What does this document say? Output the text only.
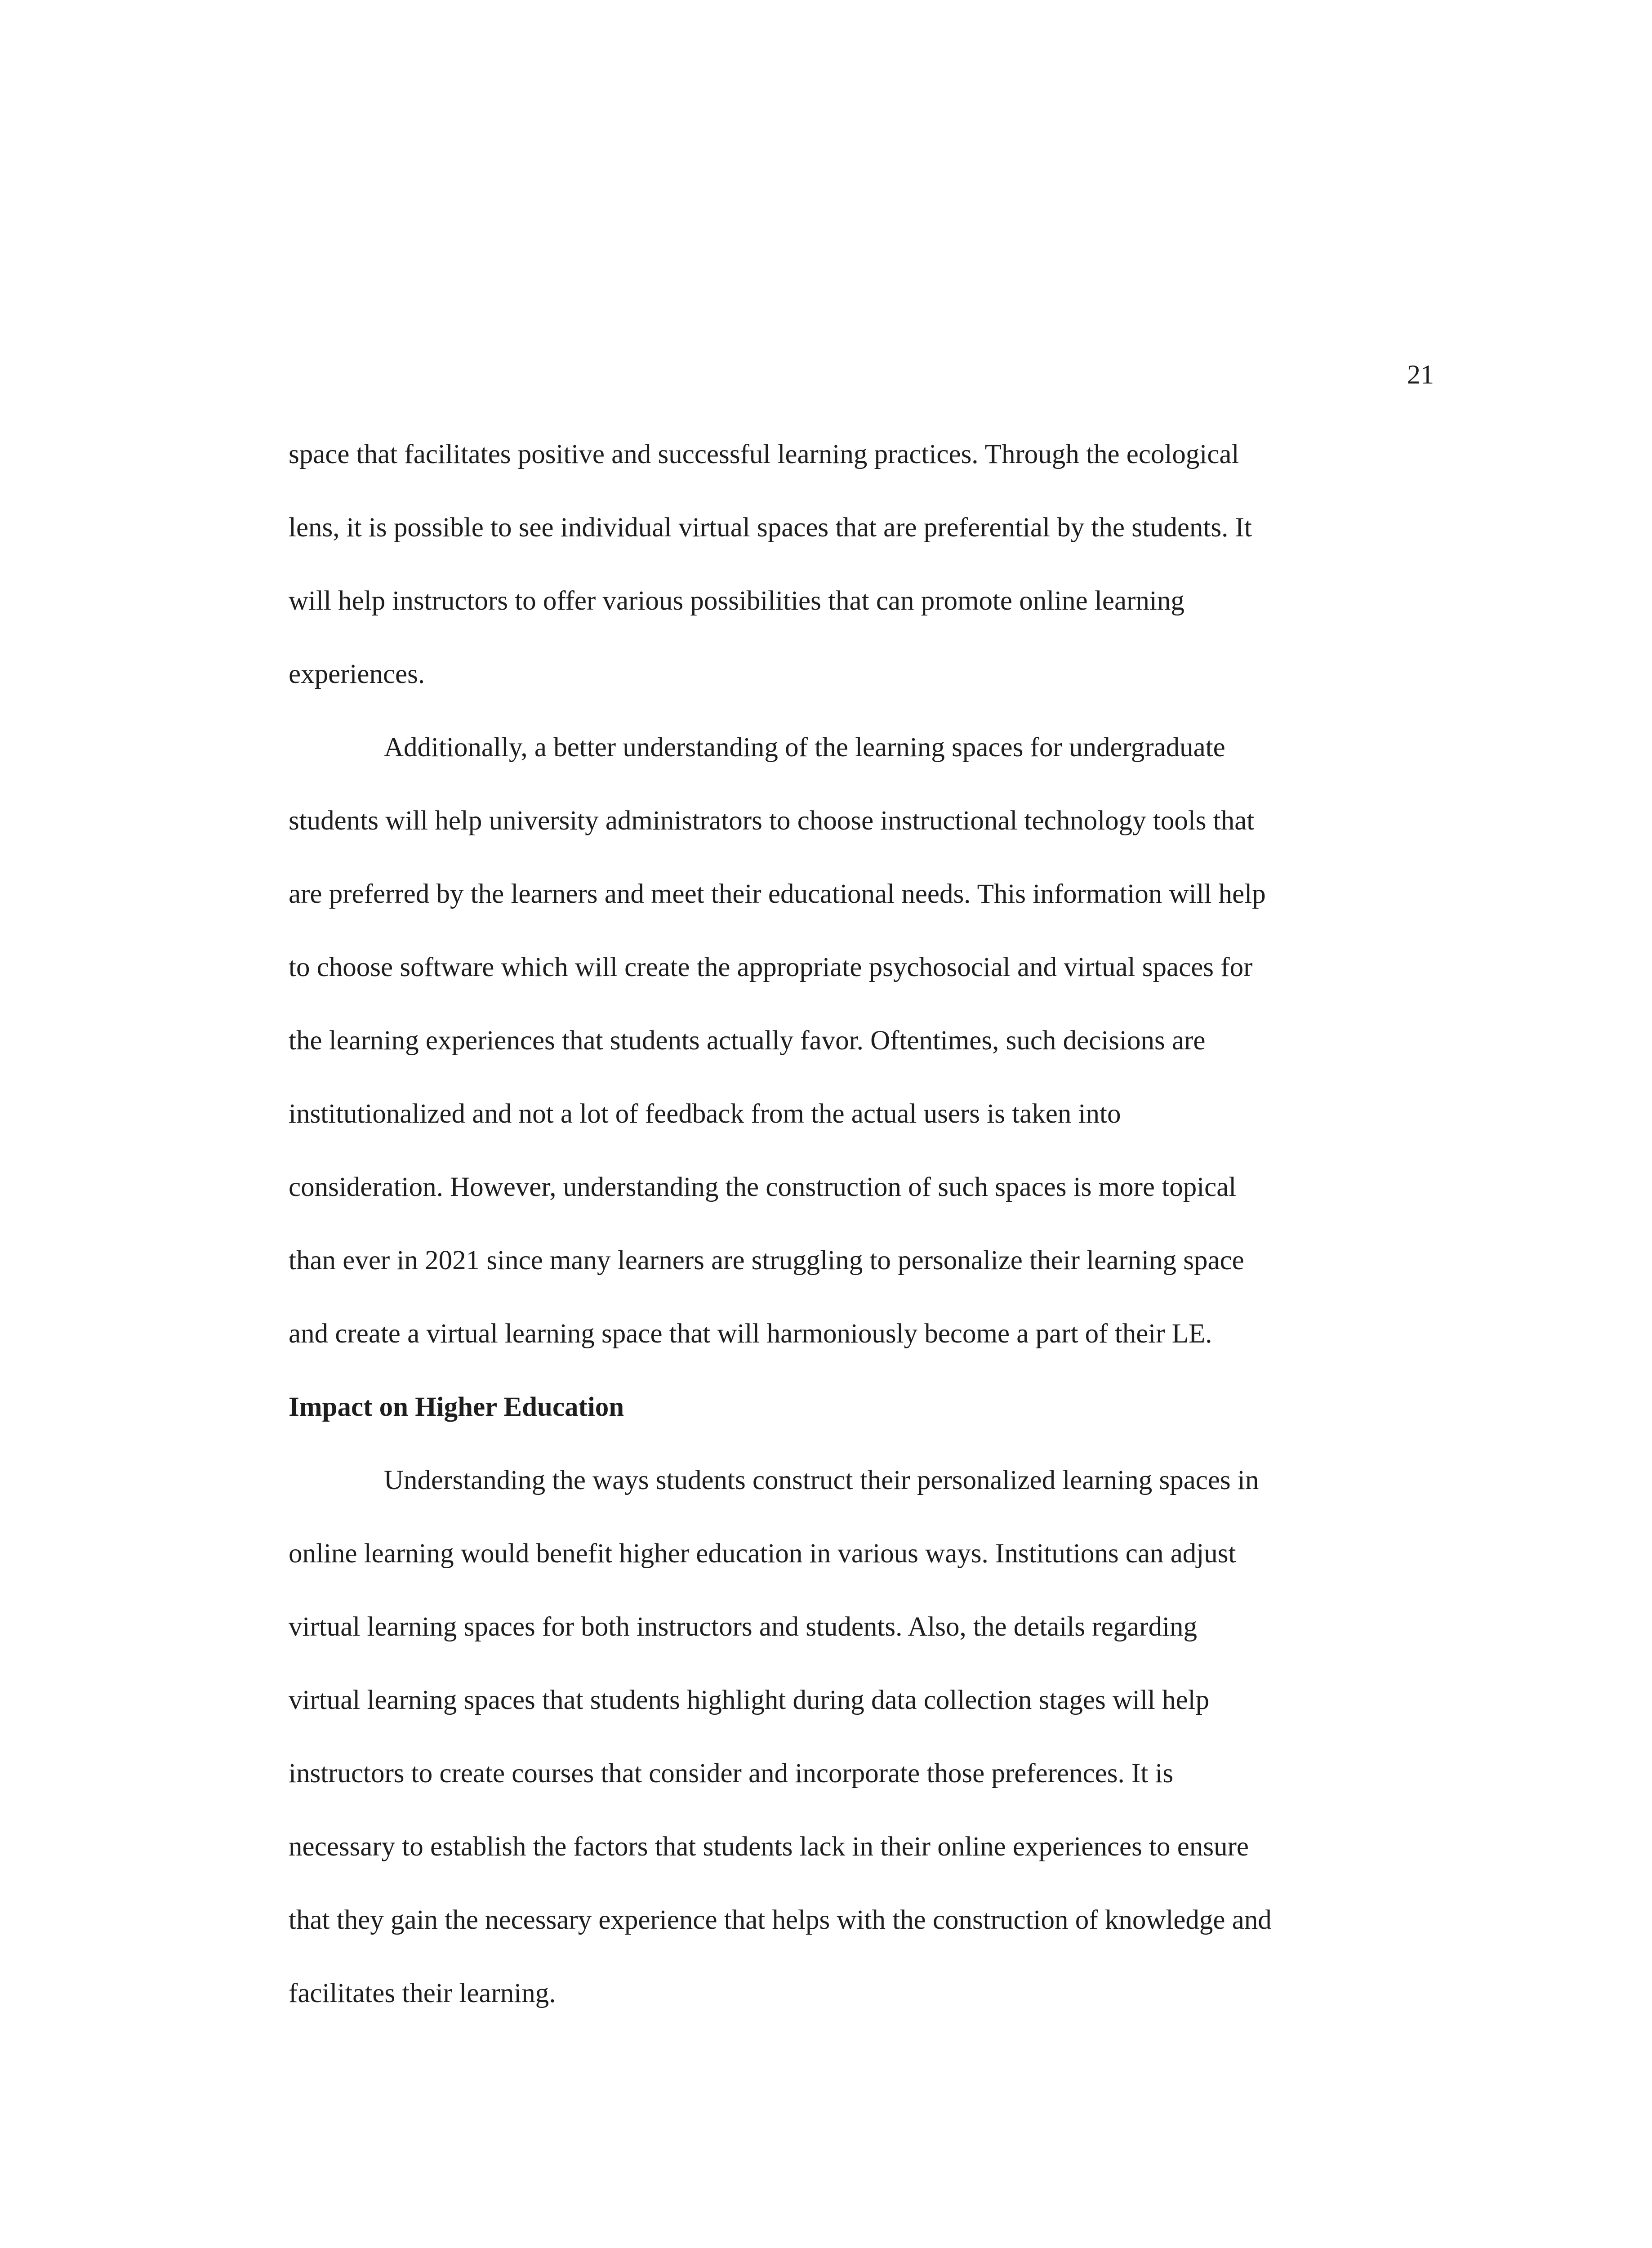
21
space that facilitates positive and successful learning practices. Through the ecological
lens, it is possible to see individual virtual spaces that are preferential by the students. It
will help instructors to offer various possibilities that can promote online learning
experiences.
Additionally, a better understanding of the learning spaces for undergraduate
students will help university administrators to choose instructional technology tools that
are preferred by the learners and meet their educational needs. This information will help
to choose software which will create the appropriate psychosocial and virtual spaces for
the learning experiences that students actually favor. Oftentimes, such decisions are
institutionalized and not a lot of feedback from the actual users is taken into
consideration. However, understanding the construction of such spaces is more topical
than ever in 2021 since many learners are struggling to personalize their learning space
and create a virtual learning space that will harmoniously become a part of their LE.
Impact on Higher Education
Understanding the ways students construct their personalized learning spaces in
online learning would benefit higher education in various ways. Institutions can adjust
virtual learning spaces for both instructors and students. Also, the details regarding
virtual learning spaces that students highlight during data collection stages will help
instructors to create courses that consider and incorporate those preferences. It is
necessary to establish the factors that students lack in their online experiences to ensure
that they gain the necessary experience that helps with the construction of knowledge and
facilitates their learning.
